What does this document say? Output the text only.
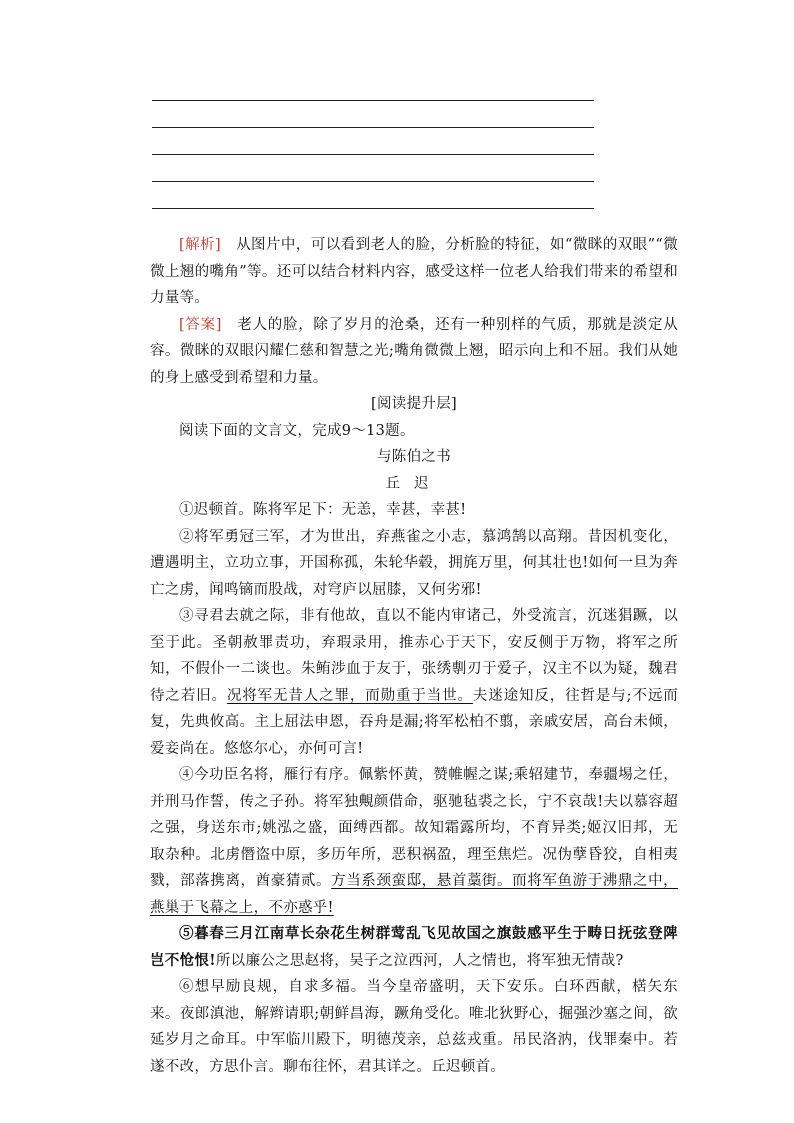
[解析]　从图片中，可以看到老人的脸，分析脸的特征，如“微眯的双眼”“微微上翘的嘴角”等。还可以结合材料内容，感受这样一位老人给我们带来的希望和力量等。

[答案]　老人的脸，除了岁月的沧桑，还有一种别样的气质，那就是淡定从容。微眯的双眼闪耀仁慈和智慧之光;嘴角微微上翘，昭示向上和不屈。我们从她的身上感受到希望和力量。

[阅读提升层]

阅读下面的文言文，完成9～13题。

与陈伯之书

丘迟

①迟顿首。陈将军足下：无恙，幸甚，幸甚!

②将军勇冠三军，才为世出，弃燕雀之小志，慕鸿鹄以高翔。昔因机变化，遭遇明主，立功立事，开国称孤，朱轮华毂，拥旄万里，何其壮也!如何一旦为奔亡之虏，闻鸣镝而股战，对穹庐以屈膝，又何劣邪!

③寻君去就之际，非有他故，直以不能内审诸己，外受流言，沉迷猖蹶，以至于此。圣朝赦罪责功，弃瑕录用，推赤心于天下，安反侧于万物，将军之所知，不假仆一二谈也。朱鲔涉血于友于，张绣剸刃于爱子，汉主不以为疑，魏君待之若旧。况将军无昔人之罪，而勋重于当世。夫迷途知反，往哲是与;不远而复，先典攸高。主上屈法申恩，吞舟是漏;将军松柏不翦，亲戚安居，高台未倾，爱妾尚在。悠悠尔心，亦何可言!

④今功臣名将，雁行有序。佩紫怀黄，赞帷幄之谋;乘轺建节，奉疆埸之任，并刑马作誓，传之子孙。将军独覥颜借命，驱驰毡裘之长，宁不哀哉!夫以慕容超之强，身送东市;姚泓之盛，面缚西都。故知霜露所均，不育异类;姬汉旧邦，无取杂种。北虏僭盗中原，多历年所，恶积祸盈，理至焦烂。况伪孽昏狡，自相夷戮，部落携离，酋豪猜贰。方当系颈蛮邸，悬首藁街。而将军鱼游于沸鼎之中，燕巢于飞幕之上，不亦惑乎!

⑤暮春三月江南草长杂花生树群莺乱飞见故国之旗鼓感平生于畴日抚弦登陴岂不怆恨!所以廉公之思赵将，吴子之泣西河，人之情也，将军独无情哉?

⑥想早励良规，自求多福。当今皇帝盛明，天下安乐。白环西献，楛矢东来。夜郎滇池，解辫请职;朝鲜昌海，蹶角受化。唯北狄野心，掘强沙塞之间，欲延岁月之命耳。中军临川殿下，明德茂亲，总兹戎重。吊民洛汭，伐罪秦中。若遂不改，方思仆言。聊布往怀，君其详之。丘迟顿首。
